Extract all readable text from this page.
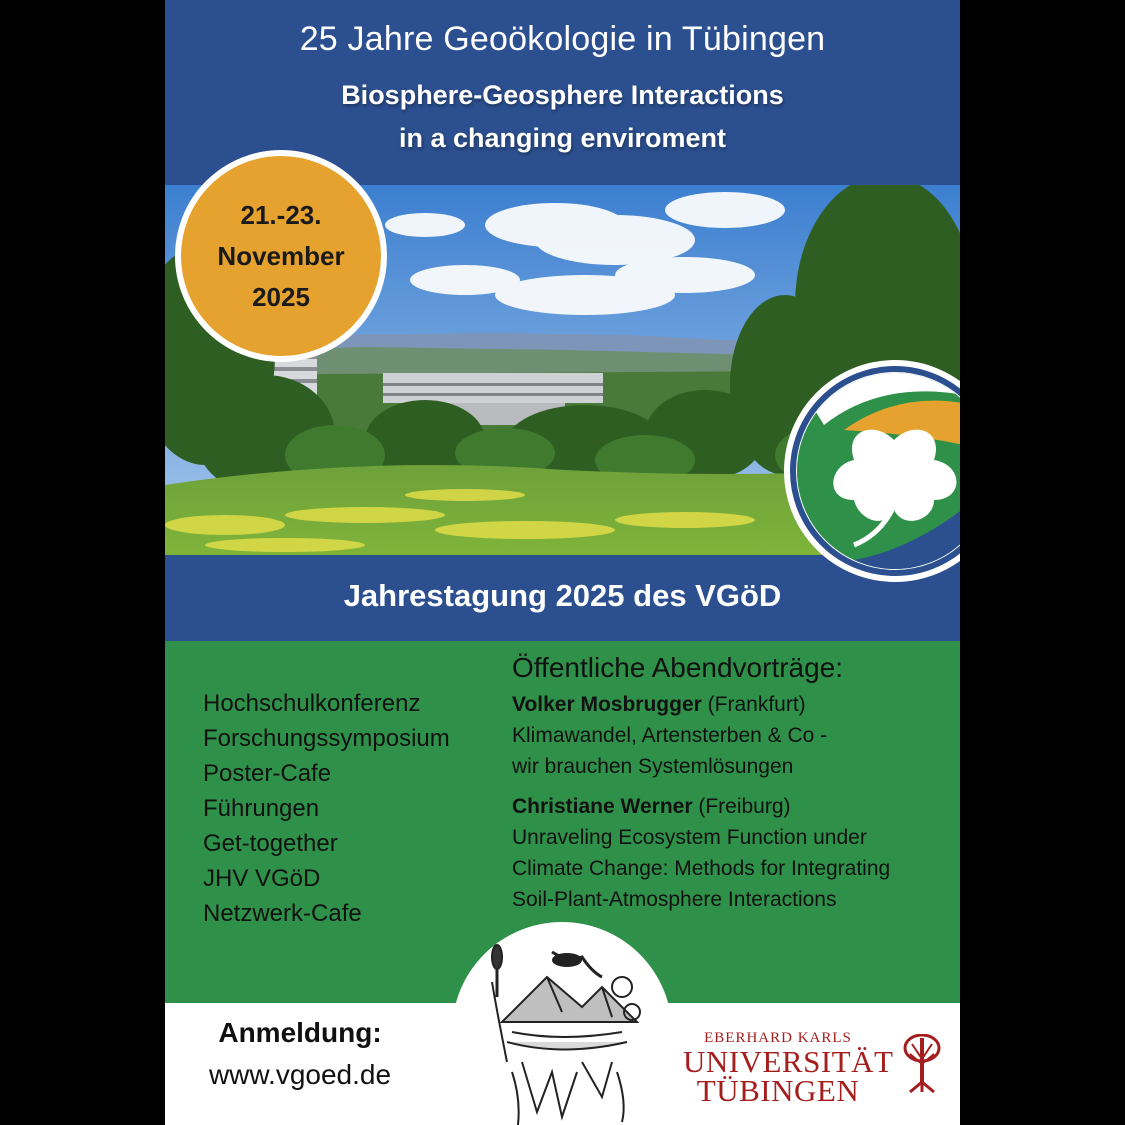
25 Jahre Geoökologie in Tübingen
Biosphere-Geosphere Interactions
in a changing enviroment
21.-23.
November
2025
Jahrestagung 2025 des VGöD
Hochschulkonferenz
Forschungssymposium
Poster-Cafe
Führungen
Get-together
JHV VGöD
Netzwerk-Cafe
Öffentliche Abendvorträge:
Volker Mosbrugger (Frankfurt)
Klimawandel, Artensterben & Co -
wir brauchen Systemlösungen
Christiane Werner (Freiburg)
Unraveling Ecosystem Function under
Climate Change: Methods for Integrating
Soil-Plant-Atmosphere Interactions
Anmeldung:
www.vgoed.de
EBERHARD KARLS
UNIVERSITÄT
TÜBINGEN
